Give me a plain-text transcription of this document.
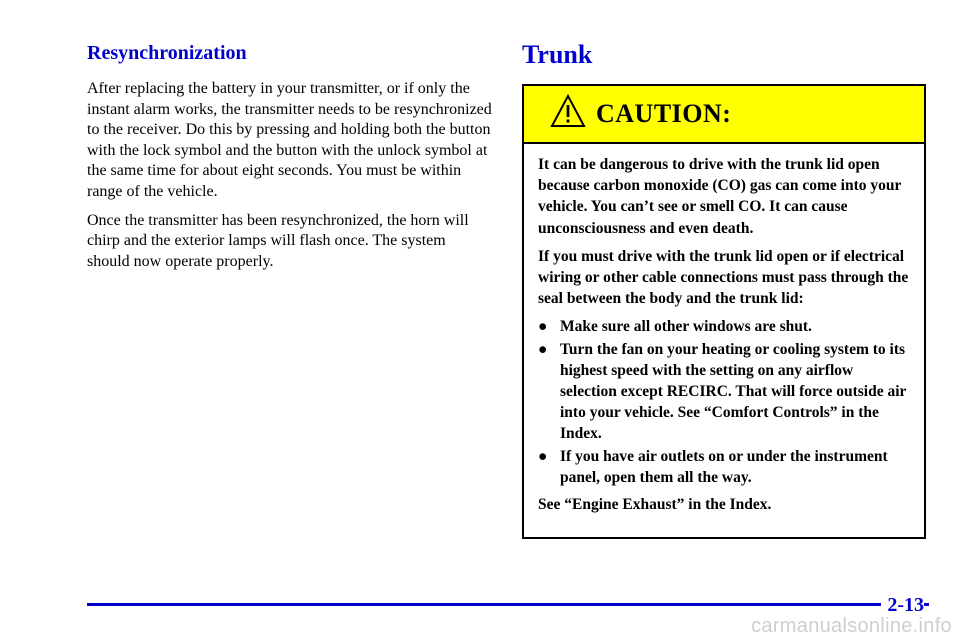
Resynchronization

After replacing the battery in your transmitter, or if only the instant alarm works, the transmitter needs to be resynchronized to the receiver. Do this by pressing and holding both the button with the lock symbol and the button with the unlock symbol at the same time for about eight seconds. You must be within range of the vehicle.

Once the transmitter has been resynchronized, the horn will chirp and the exterior lamps will flash once. The system should now operate properly.

Trunk
CAUTION:

It can be dangerous to drive with the trunk lid open because carbon monoxide (CO) gas can come into your vehicle. You can’t see or smell CO. It can cause unconsciousness and even death.

If you must drive with the trunk lid open or if electrical wiring or other cable connections must pass through the seal between the body and the trunk lid:

● Make sure all other windows are shut.
● Turn the fan on your heating or cooling system to its highest speed with the setting on any airflow selection except RECIRC. That will force outside air into your vehicle. See “Comfort Controls” in the Index.
● If you have air outlets on or under the instrument panel, open them all the way.

See “Engine Exhaust” in the Index.

2-13
carmanualsonline.info
